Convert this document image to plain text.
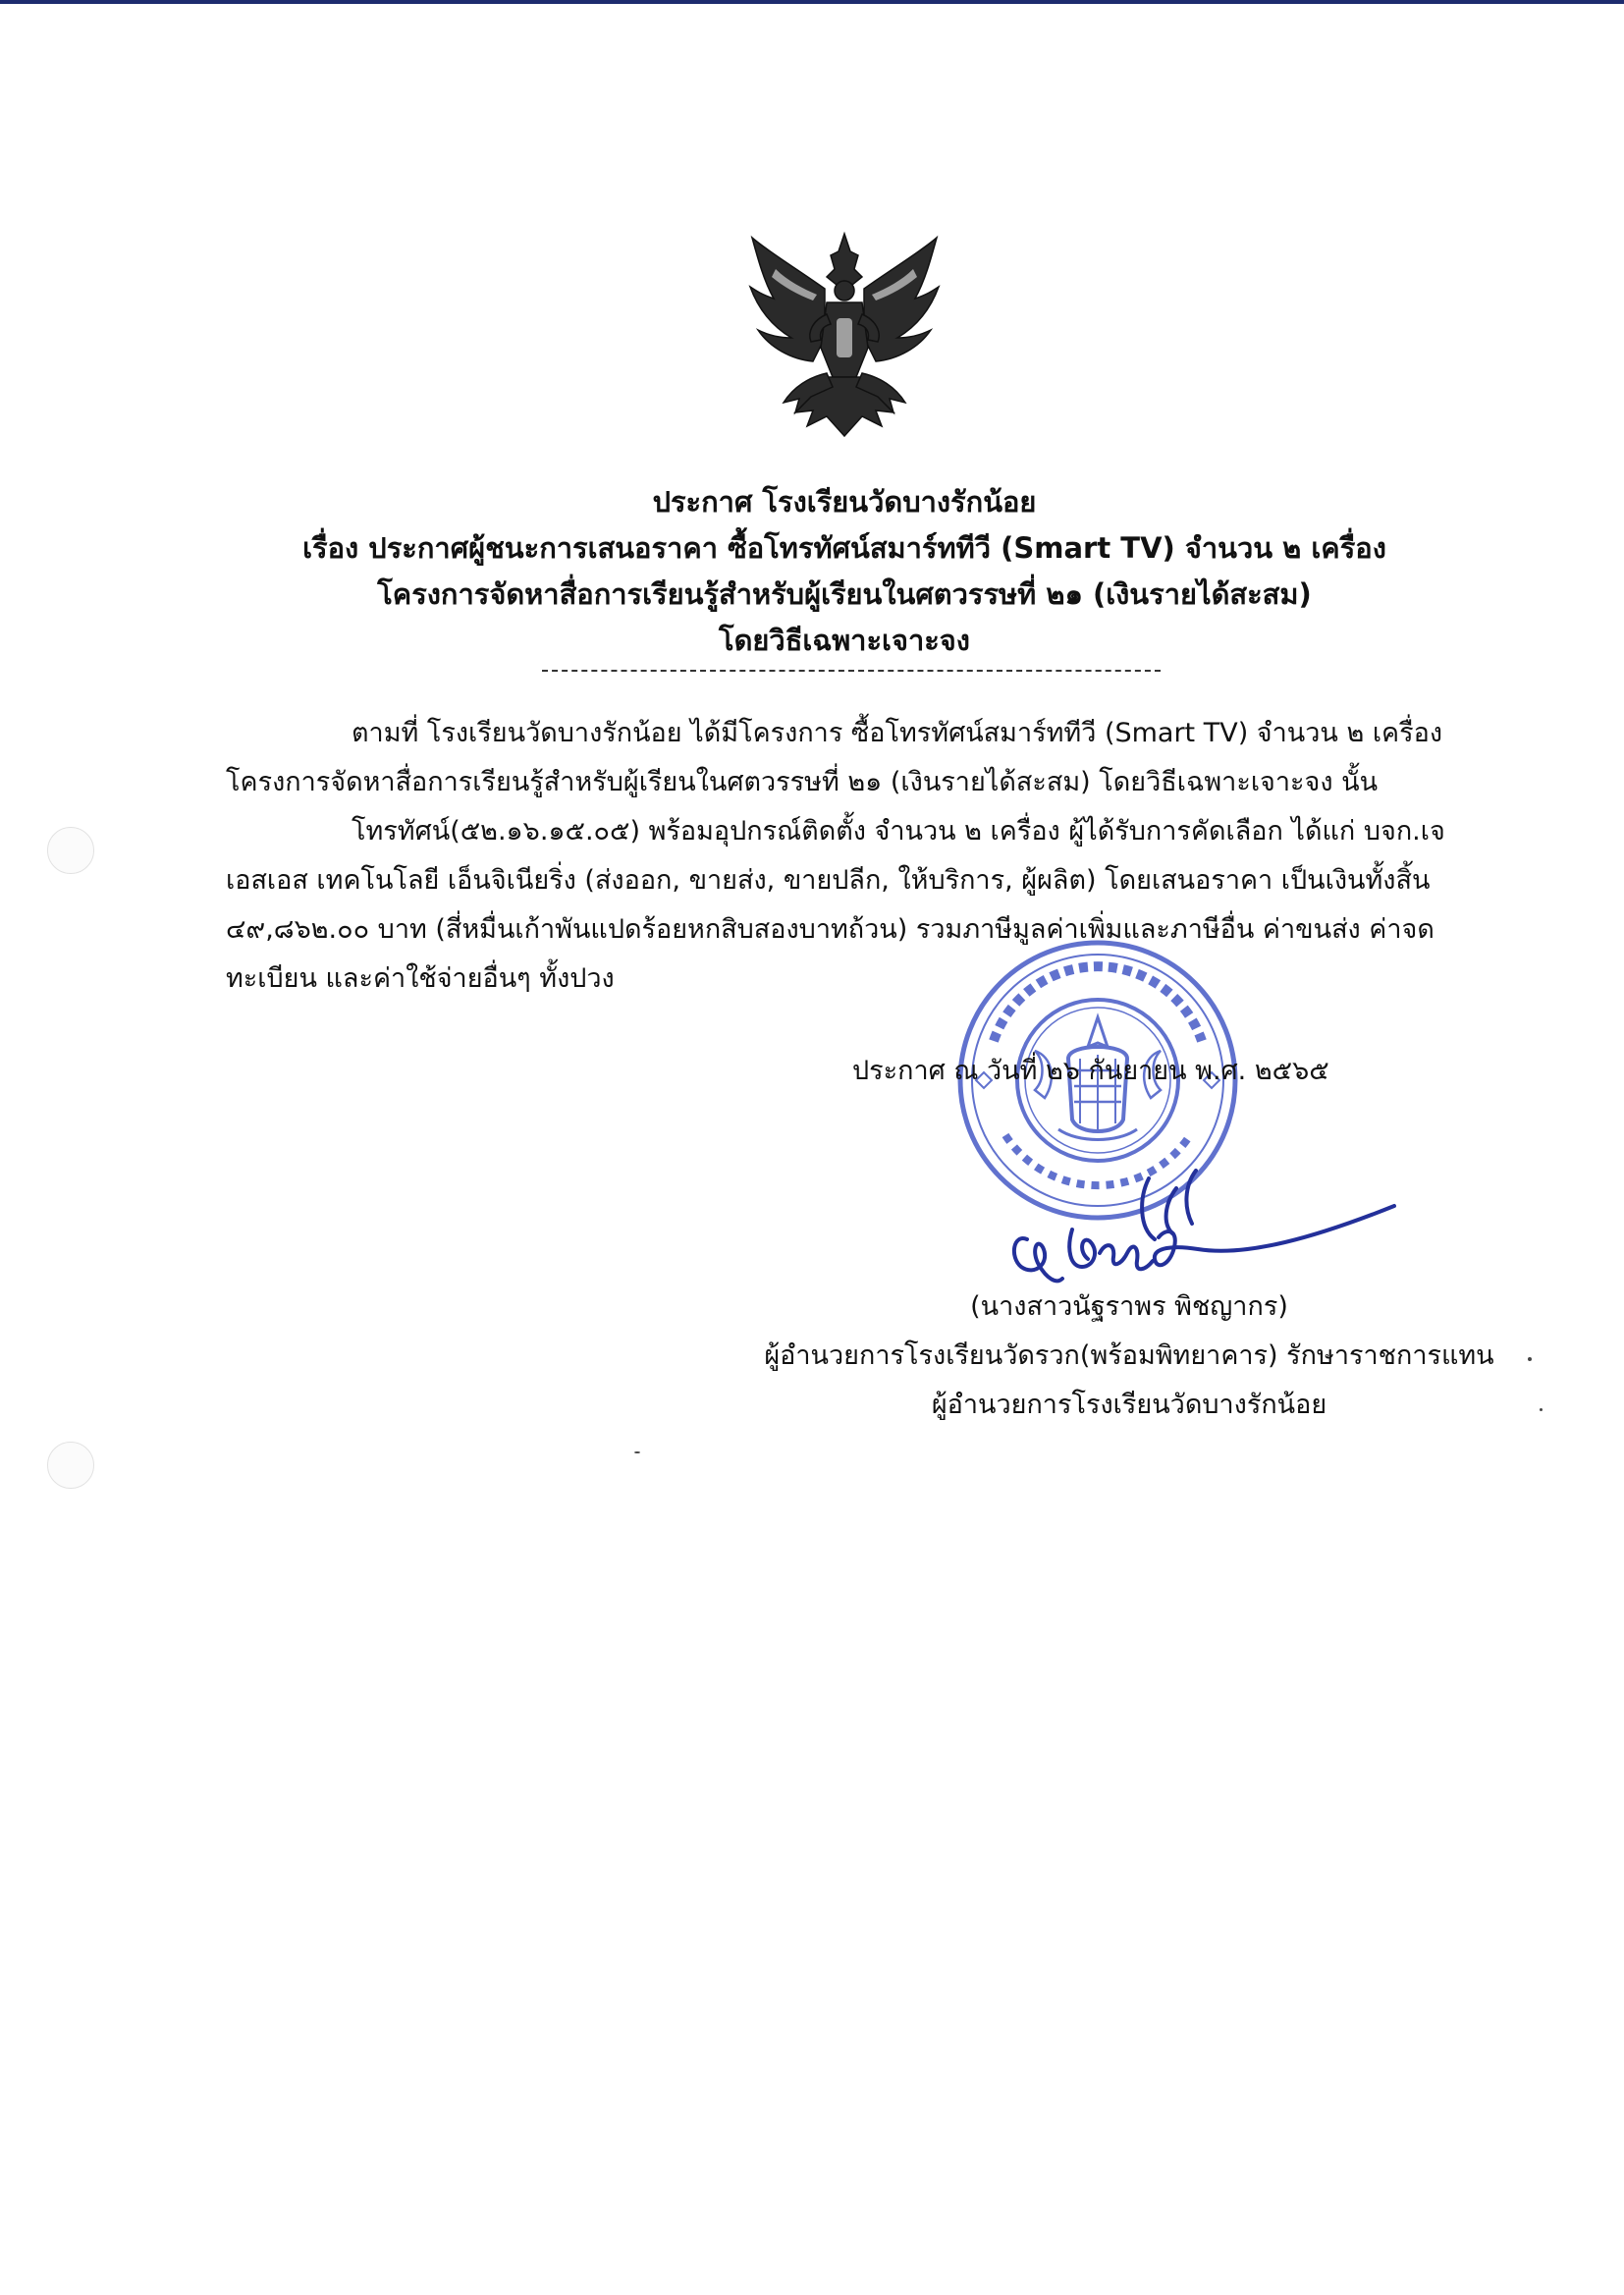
ประกาศ โรงเรียนวัดบางรักน้อย
เรื่อง ประกาศผู้ชนะการเสนอราคา ซื้อโทรทัศน์สมาร์ททีวี (Smart TV) จำนวน ๒ เครื่อง
โครงการจัดหาสื่อการเรียนรู้สำหรับผู้เรียนในศตวรรษที่ ๒๑ (เงินรายได้สะสม)
โดยวิธีเฉพาะเจาะจง
ตามที่ โรงเรียนวัดบางรักน้อย ได้มีโครงการ ซื้อโทรทัศน์สมาร์ททีวี (Smart TV) จำนวน ๒ เครื่อง
โครงการจัดหาสื่อการเรียนรู้สำหรับผู้เรียนในศตวรรษที่ ๒๑ (เงินรายได้สะสม) โดยวิธีเฉพาะเจาะจง นั้น
โทรทัศน์(๕๒.๑๖.๑๕.๐๕) พร้อมอุปกรณ์ติดตั้ง จำนวน ๒ เครื่อง ผู้ได้รับการคัดเลือก ได้แก่ บจก.เจ
เอสเอส เทคโนโลยี เอ็นจิเนียริ่ง (ส่งออก, ขายส่ง, ขายปลีก, ให้บริการ, ผู้ผลิต) โดยเสนอราคา เป็นเงินทั้งสิ้น
๔๙,๘๖๒.๐๐ บาท (สี่หมื่นเก้าพันแปดร้อยหกสิบสองบาทถ้วน) รวมภาษีมูลค่าเพิ่มและภาษีอื่น ค่าขนส่ง ค่าจด
ทะเบียน และค่าใช้จ่ายอื่นๆ ทั้งปวง
ประกาศ ณ วันที่ ๒๖ กันยายน พ.ศ. ๒๕๖๕
(นางสาวนัฐราพร พิชญากร)
ผู้อำนวยการโรงเรียนวัดรวก(พร้อมพิทยาคาร) รักษาราชการแทน
ผู้อำนวยการโรงเรียนวัดบางรักน้อย
